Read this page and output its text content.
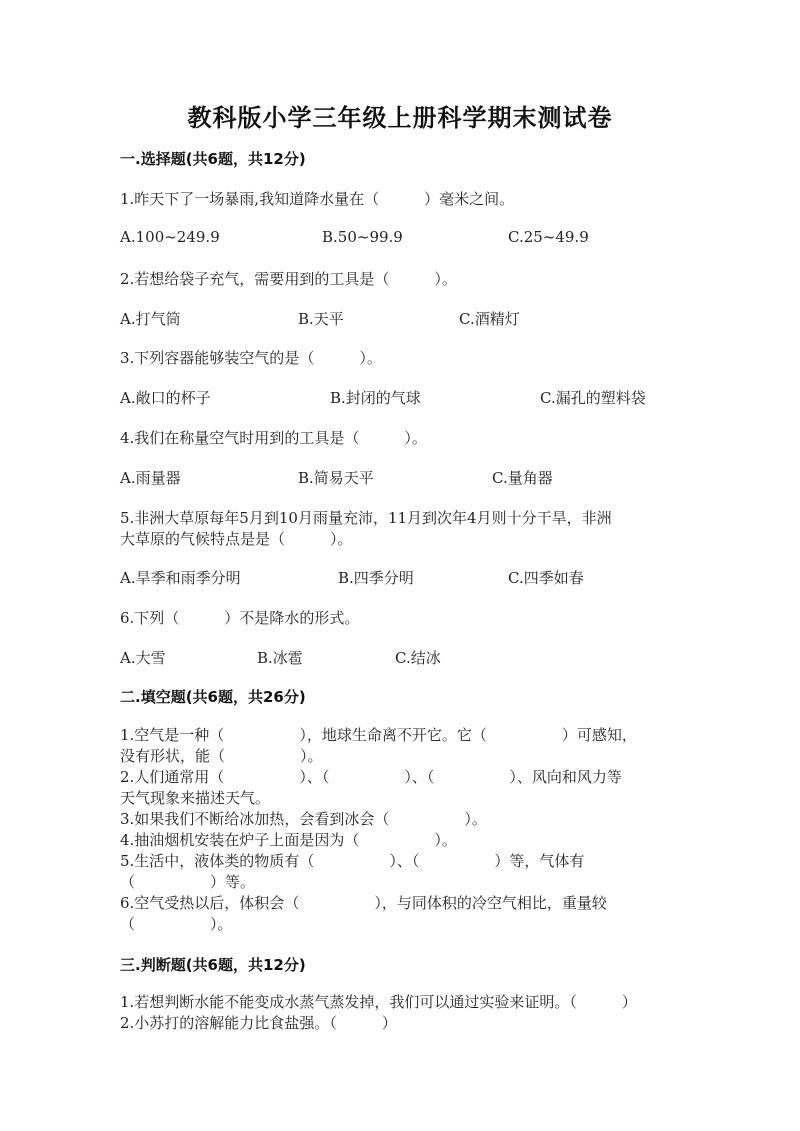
教科版小学三年级上册科学期末测试卷
一.选择题(共6题，共12分)
1.昨天下了一场暴雨,我知道降水量在（　　　）毫米之间。
A.100~249.9	B.50~99.9	C.25~49.9
2.若想给袋子充气，需要用到的工具是（　　　）。
A.打气筒	B.天平	C.酒精灯
3.下列容器能够装空气的是（　　　）。
A.敞口的杯子	B.封闭的气球	C.漏孔的塑料袋
4.我们在称量空气时用到的工具是（　　　）。
A.雨量器	B.简易天平	C.量角器
5.非洲大草原每年5月到10月雨量充沛，11月到次年4月则十分干旱，非洲
大草原的气候特点是是（　　　）。
A.旱季和雨季分明	B.四季分明	C.四季如春
6.下列（　　　）不是降水的形式。
A.大雪	B.冰雹	C.结冰
二.填空题(共6题，共26分)
1.空气是一种（　　　　　），地球生命离不开它。它（　　　　　）可感知，
没有形状，能（　　　　　）。
2.人们通常用（　　　　　）、（　　　　　）、（　　　　　）、风向和风力等
天气现象来描述天气。
3.如果我们不断给冰加热，会看到冰会（　　　　　）。
4.抽油烟机安装在炉子上面是因为（　　　　　）。
5.生活中，液体类的物质有（　　　　　）、（　　　　　）等，气体有
（　　　　　）等。
6.空气受热以后，体积会（　　　　　），与同体积的冷空气相比，重量较
（　　　　　）。
三.判断题(共6题，共12分)
1.若想判断水能不能变成水蒸气蒸发掉，我们可以通过实验来证明。（　　　）
2.小苏打的溶解能力比食盐强。（　　　）
